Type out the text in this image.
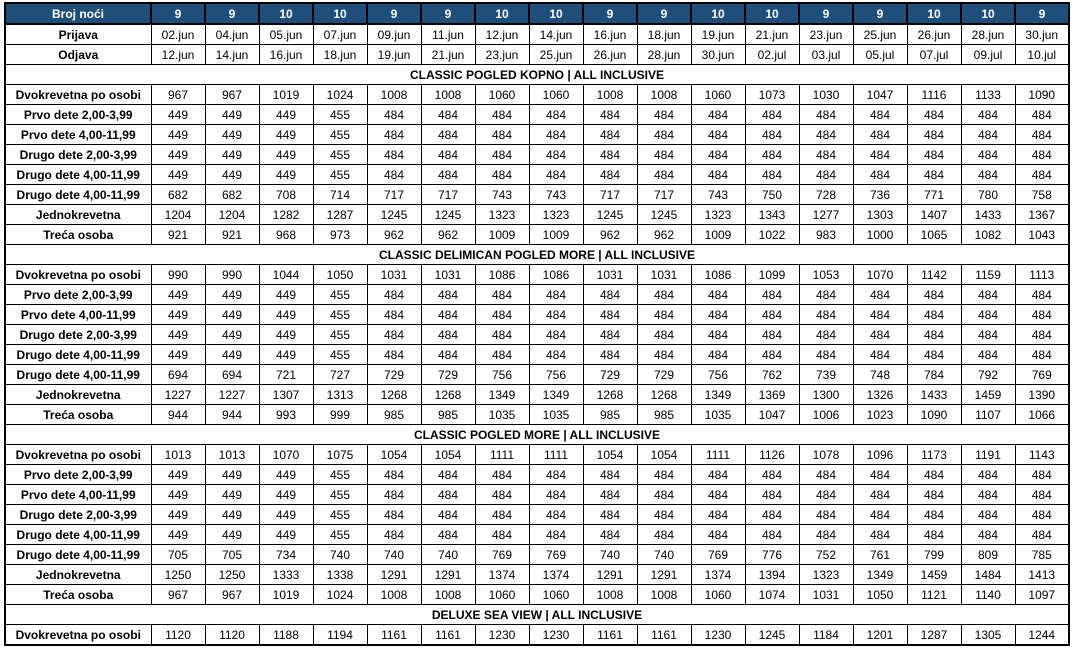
Broj noći	9	9	10	10	9	9	10	10	9	9	10	10	9	9	10	10	9
Prijava	02.jun	04.jun	05.jun	07.jun	09.jun	11.jun	12.jun	14.jun	16.jun	18.jun	19.jun	21.jun	23.jun	25.jun	26.jun	28.jun	30.jun
Odjava	12.jun	14.jun	16.jun	18.jun	19.jun	21.jun	23.jun	25.jun	26.jun	28.jun	30.jun	02.jul	03.jul	05.jul	07.jul	09.jul	10.jul
CLASSIC POGLED KOPNO | ALL INCLUSIVE																	
Dvokrevetna po osobi	967	967	1019	1024	1008	1008	1060	1060	1008	1008	1060	1073	1030	1047	1116	1133	1090
Prvo dete 2,00-3,99	449	449	449	455	484	484	484	484	484	484	484	484	484	484	484	484	484
Prvo dete 4,00-11,99	449	449	449	455	484	484	484	484	484	484	484	484	484	484	484	484	484
Drugo dete 2,00-3,99	449	449	449	455	484	484	484	484	484	484	484	484	484	484	484	484	484
Drugo dete 4,00-11,99	449	449	449	455	484	484	484	484	484	484	484	484	484	484	484	484	484
Drugo dete 4,00-11,99	682	682	708	714	717	717	743	743	717	717	743	750	728	736	771	780	758
Jednokrevetna	1204	1204	1282	1287	1245	1245	1323	1323	1245	1245	1323	1343	1277	1303	1407	1433	1367
Treća osoba	921	921	968	973	962	962	1009	1009	962	962	1009	1022	983	1000	1065	1082	1043
CLASSIC DELIMICAN POGLED MORE | ALL INCLUSIVE																	
Dvokrevetna po osobi	990	990	1044	1050	1031	1031	1086	1086	1031	1031	1086	1099	1053	1070	1142	1159	1113
Prvo dete 2,00-3,99	449	449	449	455	484	484	484	484	484	484	484	484	484	484	484	484	484
Prvo dete 4,00-11,99	449	449	449	455	484	484	484	484	484	484	484	484	484	484	484	484	484
Drugo dete 2,00-3,99	449	449	449	455	484	484	484	484	484	484	484	484	484	484	484	484	484
Drugo dete 4,00-11,99	449	449	449	455	484	484	484	484	484	484	484	484	484	484	484	484	484
Drugo dete 4,00-11,99	694	694	721	727	729	729	756	756	729	729	756	762	739	748	784	792	769
Jednokrevetna	1227	1227	1307	1313	1268	1268	1349	1349	1268	1268	1349	1369	1300	1326	1433	1459	1390
Treća osoba	944	944	993	999	985	985	1035	1035	985	985	1035	1047	1006	1023	1090	1107	1066
CLASSIC POGLED MORE | ALL INCLUSIVE																	
Dvokrevetna po osobi	1013	1013	1070	1075	1054	1054	1111	1111	1054	1054	1111	1126	1078	1096	1173	1191	1143
Prvo dete 2,00-3,99	449	449	449	455	484	484	484	484	484	484	484	484	484	484	484	484	484
Prvo dete 4,00-11,99	449	449	449	455	484	484	484	484	484	484	484	484	484	484	484	484	484
Drugo dete 2,00-3,99	449	449	449	455	484	484	484	484	484	484	484	484	484	484	484	484	484
Drugo dete 4,00-11,99	449	449	449	455	484	484	484	484	484	484	484	484	484	484	484	484	484
Drugo dete 4,00-11,99	705	705	734	740	740	740	769	769	740	740	769	776	752	761	799	809	785
Jednokrevetna	1250	1250	1333	1338	1291	1291	1374	1374	1291	1291	1374	1394	1323	1349	1459	1484	1413
Treća osoba	967	967	1019	1024	1008	1008	1060	1060	1008	1008	1060	1074	1031	1050	1121	1140	1097
DELUXE SEA VIEW | ALL INCLUSIVE																	
Dvokrevetna po osobi	1120	1120	1188	1194	1161	1161	1230	1230	1161	1161	1230	1245	1184	1201	1287	1305	1244
